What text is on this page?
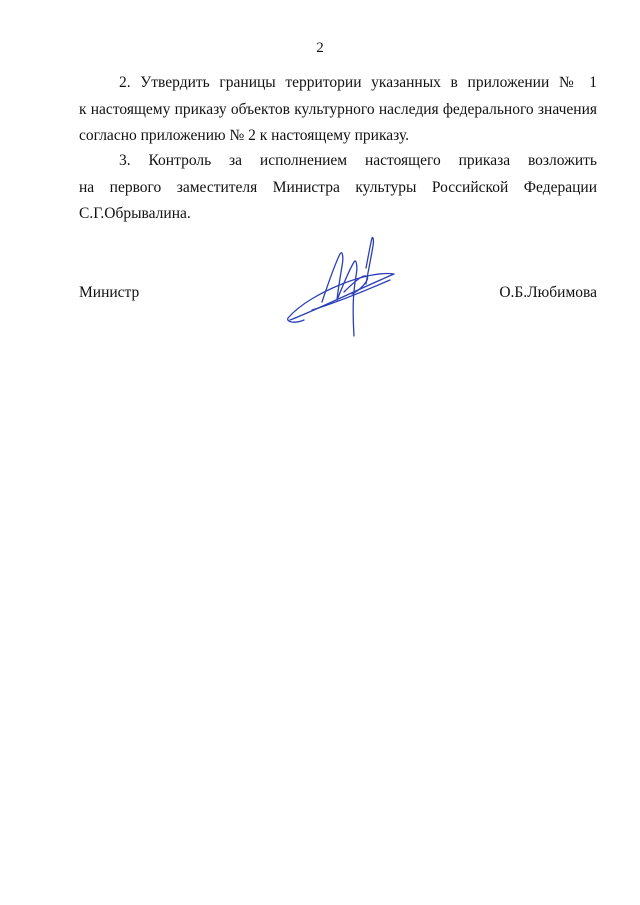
2
2. Утвердить границы территории указанных в приложении № 1
к настоящему приказу объектов культурного наследия федерального значения
согласно приложению № 2 к настоящему приказу.
3. Контроль за исполнением настоящего приказа возложить
на первого заместителя Министра культуры Российской Федерации
С.Г.Обрывалина.
Министр	О.Б.Любимова
